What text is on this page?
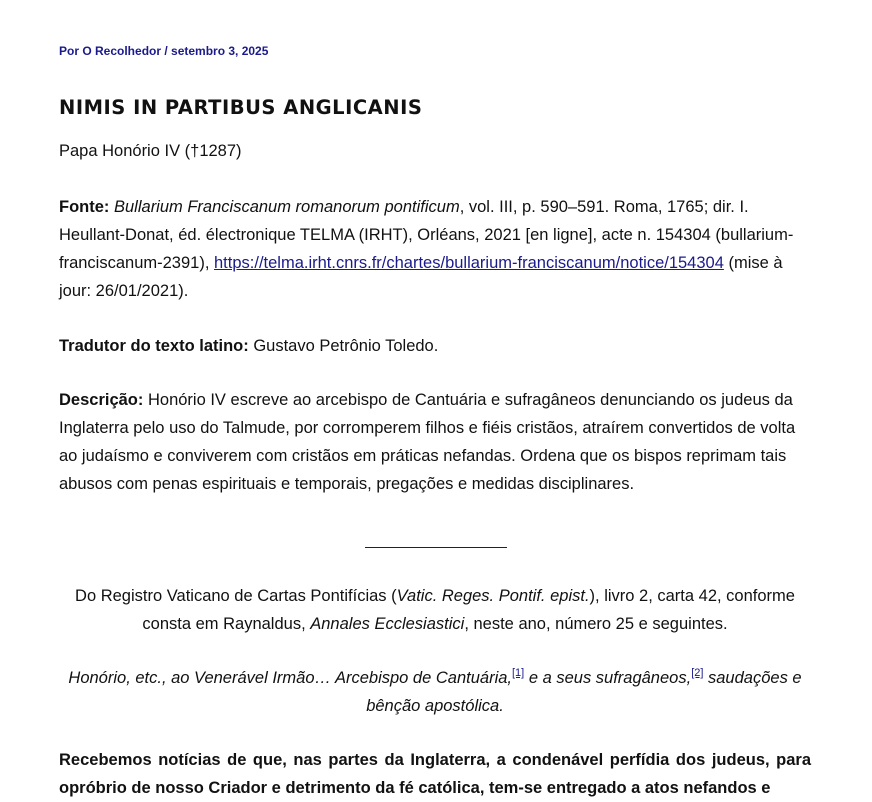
Por O Recolhedor / setembro 3, 2025
NIMIS IN PARTIBUS ANGLICANIS

Papa Honório IV (†1287)

Fonte: Bullarium Franciscanum romanorum pontificum, vol. III, p. 590–591. Roma, 1765; dir. I. Heullant-Donat, éd. électronique TELMA (IRHT), Orléans, 2021 [en ligne], acte n. 154304 (bullarium-franciscanum-2391), https://telma.irht.cnrs.fr/chartes/bullarium-franciscanum/notice/154304 (mise à jour: 26/01/2021).

Tradutor do texto latino: Gustavo Petrônio Toledo.

Descrição: Honório IV escreve ao arcebispo de Cantuária e sufragâneos denunciando os judeus da Inglaterra pelo uso do Talmude, por corromperem filhos e fiéis cristãos, atraírem convertidos de volta ao judaísmo e conviverem com cristãos em práticas nefandas. Ordena que os bispos reprimam tais abusos com penas espirituais e temporais, pregações e medidas disciplinares.

Do Registro Vaticano de Cartas Pontifícias (Vatic. Reges. Pontif. epist.), livro 2, carta 42, conforme consta em Raynaldus, Annales Ecclesiastici, neste ano, número 25 e seguintes.

Honório, etc., ao Venerável Irmão… Arcebispo de Cantuária,[1] e a seus sufragâneos,[2] saudações e bênção apostólica.

Recebemos notícias de que, nas partes da Inglaterra, a condenável perfídia dos judeus, para opróbrio de nosso Criador e detrimento da fé católica, tem-se entregado a atos nefandos e
